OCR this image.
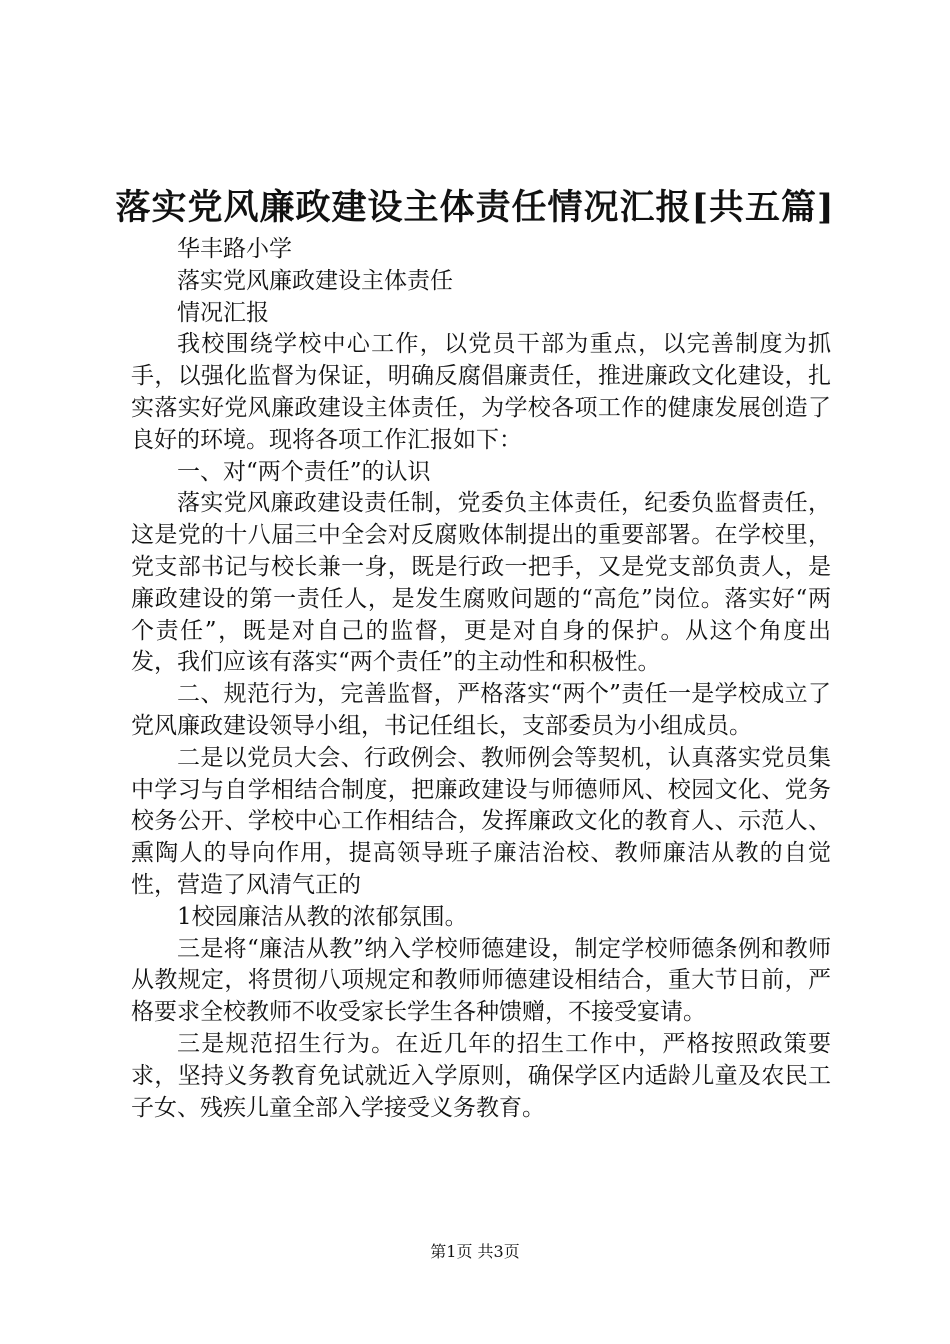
落实党风廉政建设主体责任情况汇报[共五篇]

华丰路小学

落实党风廉政建设主体责任

情况汇报

我校围绕学校中心工作，以党员干部为重点，以完善制度为抓手，以强化监督为保证，明确反腐倡廉责任，推进廉政文化建设，扎实落实好党风廉政建设主体责任，为学校各项工作的健康发展创造了良好的环境。现将各项工作汇报如下：

一、对“两个责任”的认识

落实党风廉政建设责任制，党委负主体责任，纪委负监督责任，这是党的十八届三中全会对反腐败体制提出的重要部署。在学校里，党支部书记与校长兼一身，既是行政一把手，又是党支部负责人，是廉政建设的第一责任人，是发生腐败问题的“高危”岗位。落实好“两个责任”，既是对自己的监督，更是对自身的保护。从这个角度出发，我们应该有落实“两个责任”的主动性和积极性。

二、规范行为，完善监督，严格落实“两个”责任一是学校成立了党风廉政建设领导小组，书记任组长，支部委员为小组成员。

二是以党员大会、行政例会、教师例会等契机，认真落实党员集中学习与自学相结合制度，把廉政建设与师德师风、校园文化、党务校务公开、学校中心工作相结合，发挥廉政文化的教育人、示范人、熏陶人的导向作用，提高领导班子廉洁治校、教师廉洁从教的自觉性，营造了风清气正的

1校园廉洁从教的浓郁氛围。

三是将“廉洁从教”纳入学校师德建设，制定学校师德条例和教师从教规定，将贯彻八项规定和教师师德建设相结合，重大节日前，严格要求全校教师不收受家长学生各种馈赠，不接受宴请。

三是规范招生行为。在近几年的招生工作中，严格按照政策要求，坚持义务教育免试就近入学原则，确保学区内适龄儿童及农民工子女、残疾儿童全部入学接受义务教育。

第1页 共3页
